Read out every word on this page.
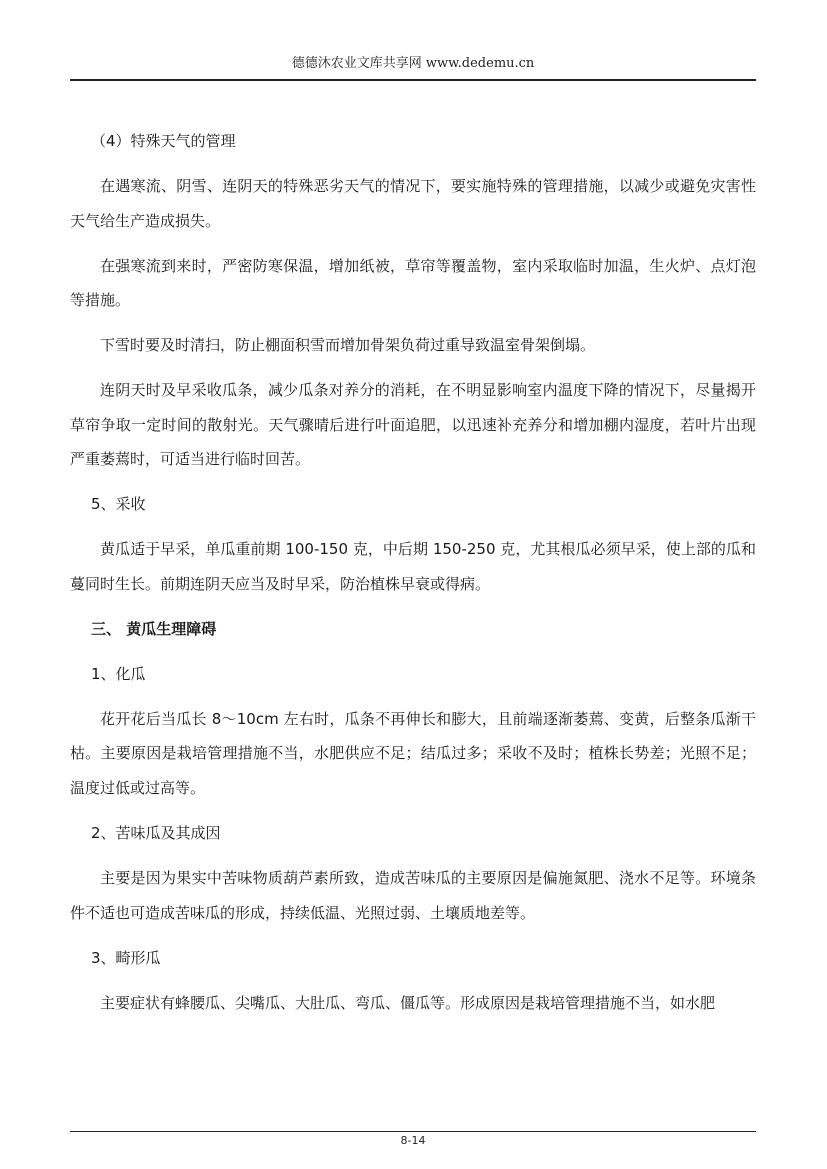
德德沐农业文库共享网 www.dedemu.cn

（4）特殊天气的管理

在遇寒流、阴雪、连阴天的特殊恶劣天气的情况下，要实施特殊的管理措施，以减少或避免灾害性天气给生产造成损失。

在强寒流到来时，严密防寒保温，增加纸被，草帘等覆盖物，室内采取临时加温，生火炉、点灯泡等措施。

下雪时要及时清扫，防止棚面积雪而增加骨架负荷过重导致温室骨架倒塌。

连阴天时及早采收瓜条，减少瓜条对养分的消耗，在不明显影响室内温度下降的情况下，尽量揭开草帘争取一定时间的散射光。天气骤晴后进行叶面追肥，以迅速补充养分和增加棚内湿度，若叶片出现严重萎蔫时，可适当进行临时回苦。

5、采收

黄瓜适于早采，单瓜重前期 100-150 克，中后期 150-250 克，尤其根瓜必须早采，使上部的瓜和蔓同时生长。前期连阴天应当及时早采，防治植株早衰或得病。

三、 黄瓜生理障碍

1、化瓜

花开花后当瓜长 8～10cm 左右时，瓜条不再伸长和膨大，且前端逐渐萎蔫、变黄，后整条瓜渐干枯。主要原因是栽培管理措施不当，水肥供应不足；结瓜过多；采收不及时；植株长势差；光照不足；温度过低或过高等。

2、苦味瓜及其成因

主要是因为果实中苦味物质葫芦素所致，造成苦味瓜的主要原因是偏施氮肥、浇水不足等。环境条件不适也可造成苦味瓜的形成，持续低温、光照过弱、土壤质地差等。

3、畸形瓜

主要症状有蜂腰瓜、尖嘴瓜、大肚瓜、弯瓜、僵瓜等。形成原因是栽培管理措施不当，如水肥

8-14
